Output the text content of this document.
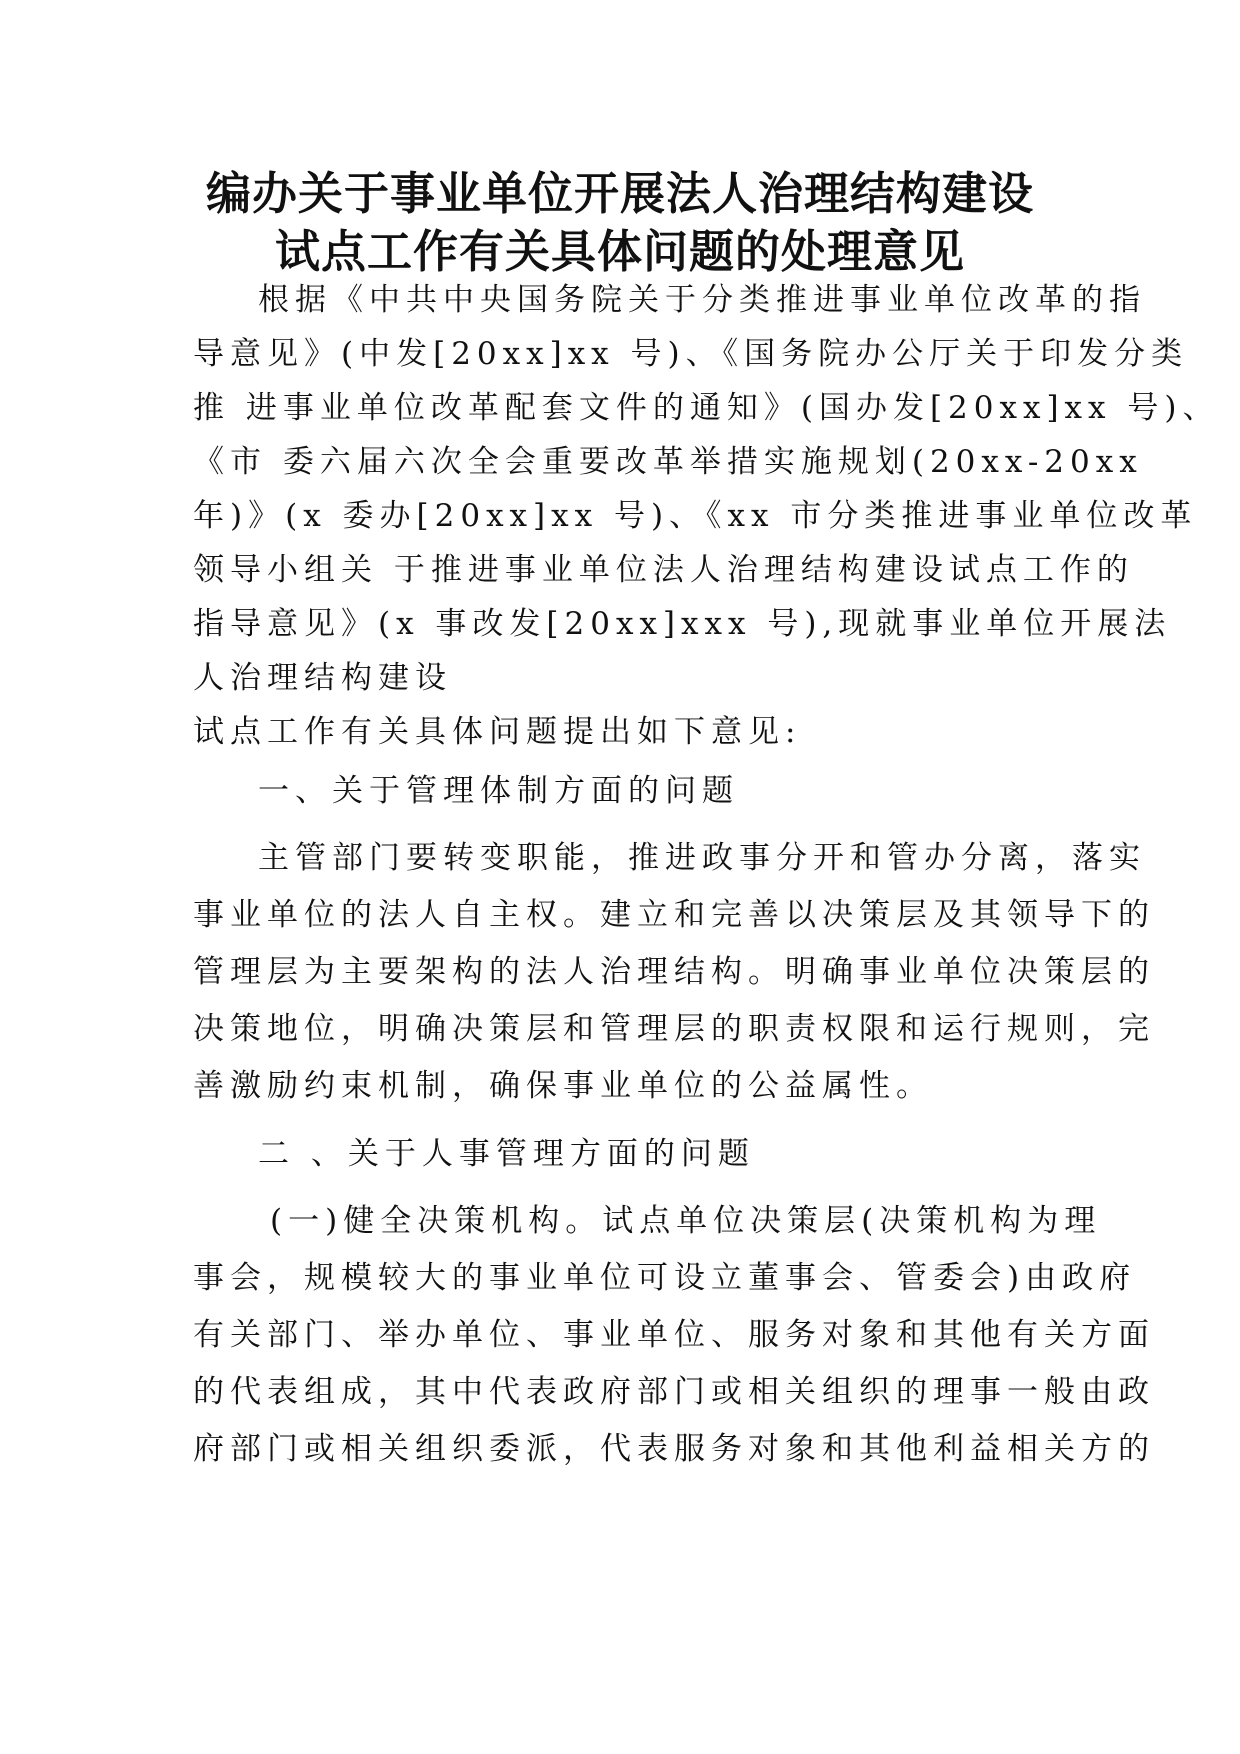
编办关于事业单位开展法人治理结构建设
试点工作有关具体问题的处理意见
根据《中共中央国务院关于分类推进事业单位改革的指
导意见》(中发[20xx]xx 号)、《国务院办公厅关于印发分类
推 进事业单位改革配套文件的通知》(国办发[20xx]xx 号)、
《市 委六届六次全会重要改革举措实施规划(20xx-20xx
年)》(x 委办[20xx]xx 号)、《xx 市分类推进事业单位改革
领导小组关 于推进事业单位法人治理结构建设试点工作的
指导意见》(x 事改发[20xx]xxx 号),现就事业单位开展法
人治理结构建设
试点工作有关具体问题提出如下意见:
一、关于管理体制方面的问题
主管部门要转变职能，推进政事分开和管办分离，落实
事业单位的法人自主权。建立和完善以决策层及其领导下的
管理层为主要架构的法人治理结构。明确事业单位决策层的
决策地位，明确决策层和管理层的职责权限和运行规则，完
善激励约束机制，确保事业单位的公益属性。
二 、关于人事管理方面的问题
(一)健全决策机构。试点单位决策层(决策机构为理
事会，规模较大的事业单位可设立董事会、管委会)由政府
有关部门、举办单位、事业单位、服务对象和其他有关方面
的代表组成，其中代表政府部门或相关组织的理事一般由政
府部门或相关组织委派，代表服务对象和其他利益相关方的
